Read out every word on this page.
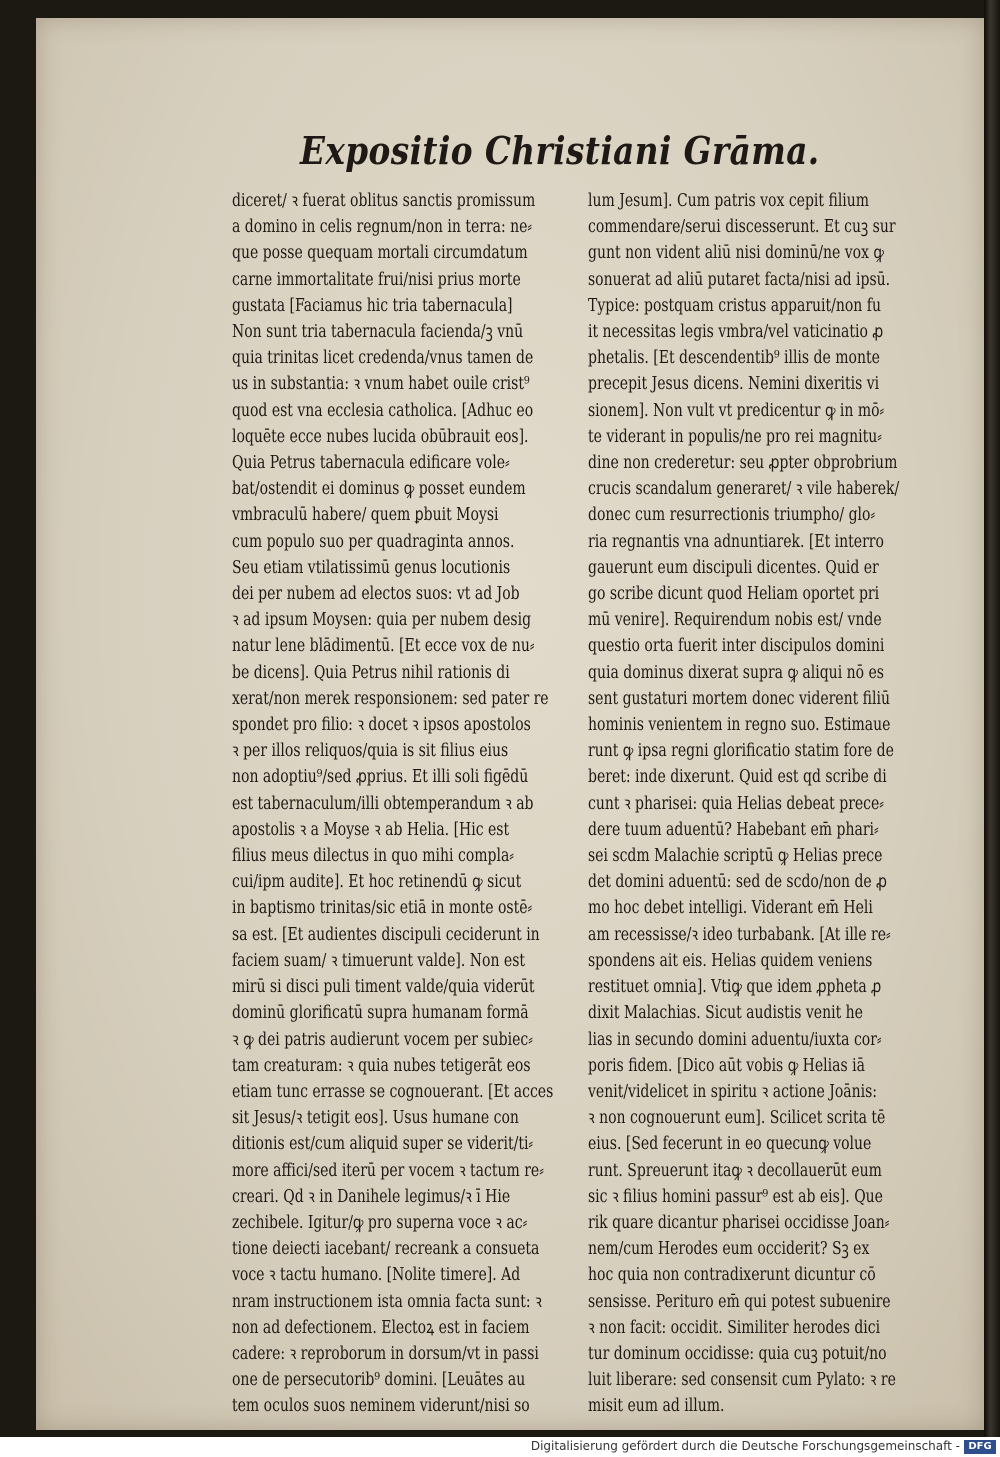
Expositio Christiani Grāma.
diceret/ ꝛ fuerat oblitus sanctis promissum
a domino in celis regnum/non in terra: ne⸗
que posse quequam mortali circumdatum
carne immortalitate frui/nisi prius morte
gustata [Faciamus hic tria tabernacula]
Non sunt tria tabernacula facienda/ꝫ vnū
quia trinitas licet credenda/vnus tamen de
us in substantia: ꝛ vnum habet ouile crist⁹
quod est vna ecclesia catholica. [Adhuc eo
loquēte ecce nubes lucida obūbrauit eos].
Quia Petrus tabernacula edificare vole⸗
bat/ostendit ei dominus ꝙ posset eundem
vmbraculū habere/ quem ꝑbuit Moysi
cum populo suo per quadraginta annos.
Seu etiam vtilatissimū genus locutionis
dei per nubem ad electos suos: vt ad Job
ꝛ ad ipsum Moysen: quia per nubem desig
natur lene blādimentū. [Et ecce vox de nu⸗
be dicens]. Quia Petrus nihil rationis di
xerat/non merek responsionem: sed pater re
spondet pro filio: ꝛ docet ꝛ ipsos apostolos
ꝛ per illos reliquos/quia is sit filius eius
non adoptiu⁹/sed ꝓprius. Et illi soli figēdū
est tabernaculum/illi obtemperandum ꝛ ab
apostolis ꝛ a Moyse ꝛ ab Helia. [Hic est
filius meus dilectus in quo mihi compla⸗
cui/ipm audite]. Et hoc retinendū ꝙ sicut
in baptismo trinitas/sic etiā in monte ostē⸗
sa est. [Et audientes discipuli ceciderunt in
faciem suam/ ꝛ timuerunt valde]. Non est
mirū si disci puli timent valde/quia viderūt
dominū glorificatū supra humanam formā
ꝛ ꝙ dei patris audierunt vocem per subiec⸗
tam creaturam: ꝛ quia nubes tetigerāt eos
etiam tunc errasse se cognouerant. [Et acces
sit Jesus/ꝛ tetigit eos]. Usus humane con
ditionis est/cum aliquid super se viderit/ti⸗
more affici/sed iterū per vocem ꝛ tactum re⸗
creari. Qd ꝛ in Danihele legimus/ꝛ ī Hie
zechibele. Igitur/ꝙ pro superna voce ꝛ ac⸗
tione deiecti iacebant/ recreank a consueta
voce ꝛ tactu humano. [Nolite timere]. Ad
nram instructionem ista omnia facta sunt: ꝛ
non ad defectionem. Electoꝝ est in faciem
cadere: ꝛ reproborum in dorsum/vt in passi
one de persecutorib⁹ domini. [Leuātes au
tem oculos suos neminem viderunt/nisi so
lum Jesum]. Cum patris vox cepit filium
commendare/serui discesserunt. Et cuꝫ sur
gunt non vident aliū nisi dominū/ne vox ꝙ
sonuerat ad aliū putaret facta/nisi ad ipsū.
Typice: postquam cristus apparuit/non fu
it necessitas legis vmbra/vel vaticinatio ꝓ
phetalis. [Et descendentib⁹ illis de monte
precepit Jesus dicens. Nemini dixeritis vi
sionem]. Non vult vt predicentur ꝙ in mō⸗
te viderant in populis/ne pro rei magnitu⸗
dine non crederetur: seu ꝓpter obprobrium
crucis scandalum generaret/ ꝛ vile haberek/
donec cum resurrectionis triumpho/ glo⸗
ria regnantis vna adnuntiarek. [Et interro
gauerunt eum discipuli dicentes. Quid er
go scribe dicunt quod Heliam oportet pri
mū venire]. Requirendum nobis est/ vnde
questio orta fuerit inter discipulos domini
quia dominus dixerat supra ꝙ aliqui nō es
sent gustaturi mortem donec viderent filiū
hominis venientem in regno suo. Estimaue
runt ꝙ ipsa regni glorificatio statim fore de
beret: inde dixerunt. Quid est qd scribe di
cunt ꝛ pharisei: quia Helias debeat prece⸗
dere tuum aduentū? Habebant em̄ phari⸗
sei scdm Malachie scriptū ꝙ Helias prece
det domini aduentū: sed de scdo/non de ꝓ
mo hoc debet intelligi. Viderant em̄ Heli
am recessisse/ꝛ ideo turbabank. [At ille re⸗
spondens ait eis. Helias quidem veniens
restituet omnia]. Vtiꝙ que idem ꝓpheta ꝓ
dixit Malachias. Sicut audistis venit he
lias in secundo domini aduentu/iuxta cor⸗
poris fidem. [Dico aūt vobis ꝙ Helias iā
venit/videlicet in spiritu ꝛ actione Joānis:
ꝛ non cognouerunt eum]. Scilicet scrita tē
eius. [Sed fecerunt in eo quecunꝙ volue
runt. Spreuerunt itaꝙ ꝛ decollauerūt eum
sic ꝛ filius homini passur⁹ est ab eis]. Que
rik quare dicantur pharisei occidisse Joan⸗
nem/cum Herodes eum occiderit? Sꝫ ex
hoc quia non contradixerunt dicuntur cō
sensisse. Perituro em̄ qui potest subuenire
ꝛ non facit: occidit. Similiter herodes dici
tur dominum occidisse: quia cuꝫ potuit/no
luit liberare: sed consensit cum Pylato: ꝛ re
misit eum ad illum.
Digitalisierung gefördert durch die Deutsche Forschungsgemeinschaft - DFG
